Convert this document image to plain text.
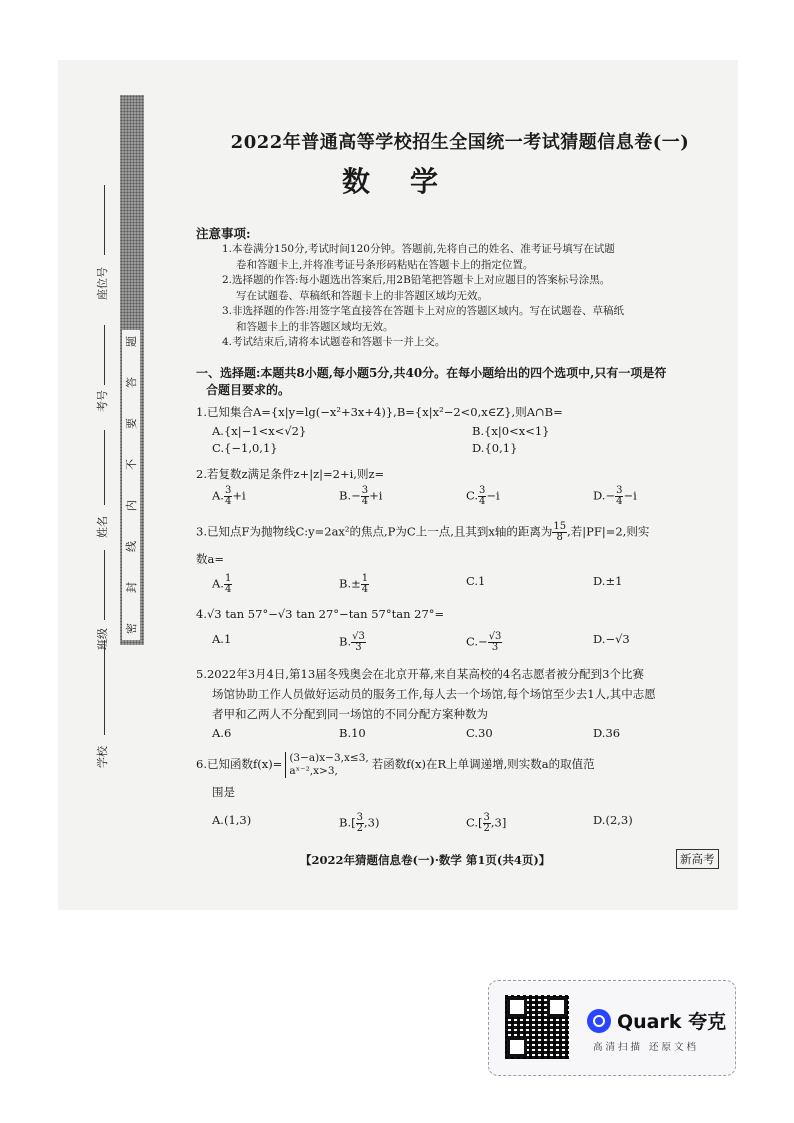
题
答
要
不
内
线
封
密
学校
班级
姓名
考号
座位号
2022年普通高等学校招生全国统一考试猜题信息卷(一)
数学
注意事项:

1.本卷满分150分,考试时间120分钟。答题前,先将自己的姓名、准考证号填写在试题

卷和答题卡上,并将准考证号条形码粘贴在答题卡上的指定位置。

2.选择题的作答:每小题选出答案后,用2B铅笔把答题卡上对应题目的答案标号涂黑。

写在试题卷、草稿纸和答题卡上的非答题区域均无效。

3.非选择题的作答:用签字笔直接答在答题卡上对应的答题区域内。写在试题卷、草稿纸

和答题卡上的非答题区域均无效。

4.考试结束后,请将本试题卷和答题卡一并上交。

一、选择题:本题共8小题,每小题5分,共40分。在每小题给出的四个选项中,只有一项是符
合题目要求的。
1.已知集合A={x|y=lg(−x²+3x+4)},B={x|x²−2<0,x∈Z},则A∩B=
A.{x|−1<x<√2}	B.{x|0<x<1}
C.{−1,0,1}	D.{0,1}
2.若复数z满足条件z+|z|=2+i,则z=
A. $\frac{3}{4} +i$	$B.- \frac{3}{4} +i$	C. $\frac{3}{4} -i$	$D.- \frac{3}{4} -i$
3.已知点F为抛物线C:y=2ax²的焦点,P为C上一点,且其到x轴的距离为 $\frac{15}{8}$ ,若|PF|=2,则实
数a=
A. $\frac{1}{4}$	$B.\pm \frac{1}{4}$	C.1	D.±1
4.√3 tan 57°−√3 tan 27°−tan 57°tan 27°=
A.1	B. $\frac{√3}{3}$	$C.- \frac{√3}{3}$	D.−√3
5.2022年3月4日,第13届冬残奥会在北京开幕,来自某高校的4名志愿者被分配到3个比赛
场馆协助工作人员做好运动员的服务工作,每人去一个场馆,每个场馆至少去1人,其中志愿
者甲和乙两人不分配到同一场馆的不同分配方案种数为
A.6	B.10	C.30	D.36
6.已知函数f(x)= (3−a)x−3,x≤3,
aˣ⁻²,x>3,	若函数f(x)在R上单调递增,则实数a的取值范
围是
A.(1,3)	$B.[ \frac{3}{2} ,3)$	$C.[ \frac{3}{2} ,3]$	D.(2,3)
【2022年猜题信息卷(一)·数学 第1页(共4页)】	新高考
Quark 夸克
高清扫描 还原文档
